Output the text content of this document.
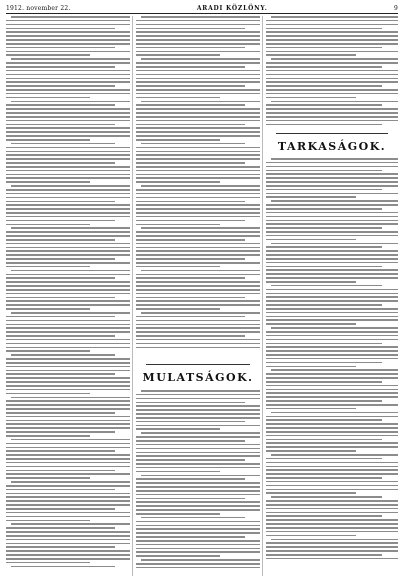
1912. november 22.	ARADI KÖZLÖNY.	9
MULATSÁGOK.
TARKASÁGOK.
